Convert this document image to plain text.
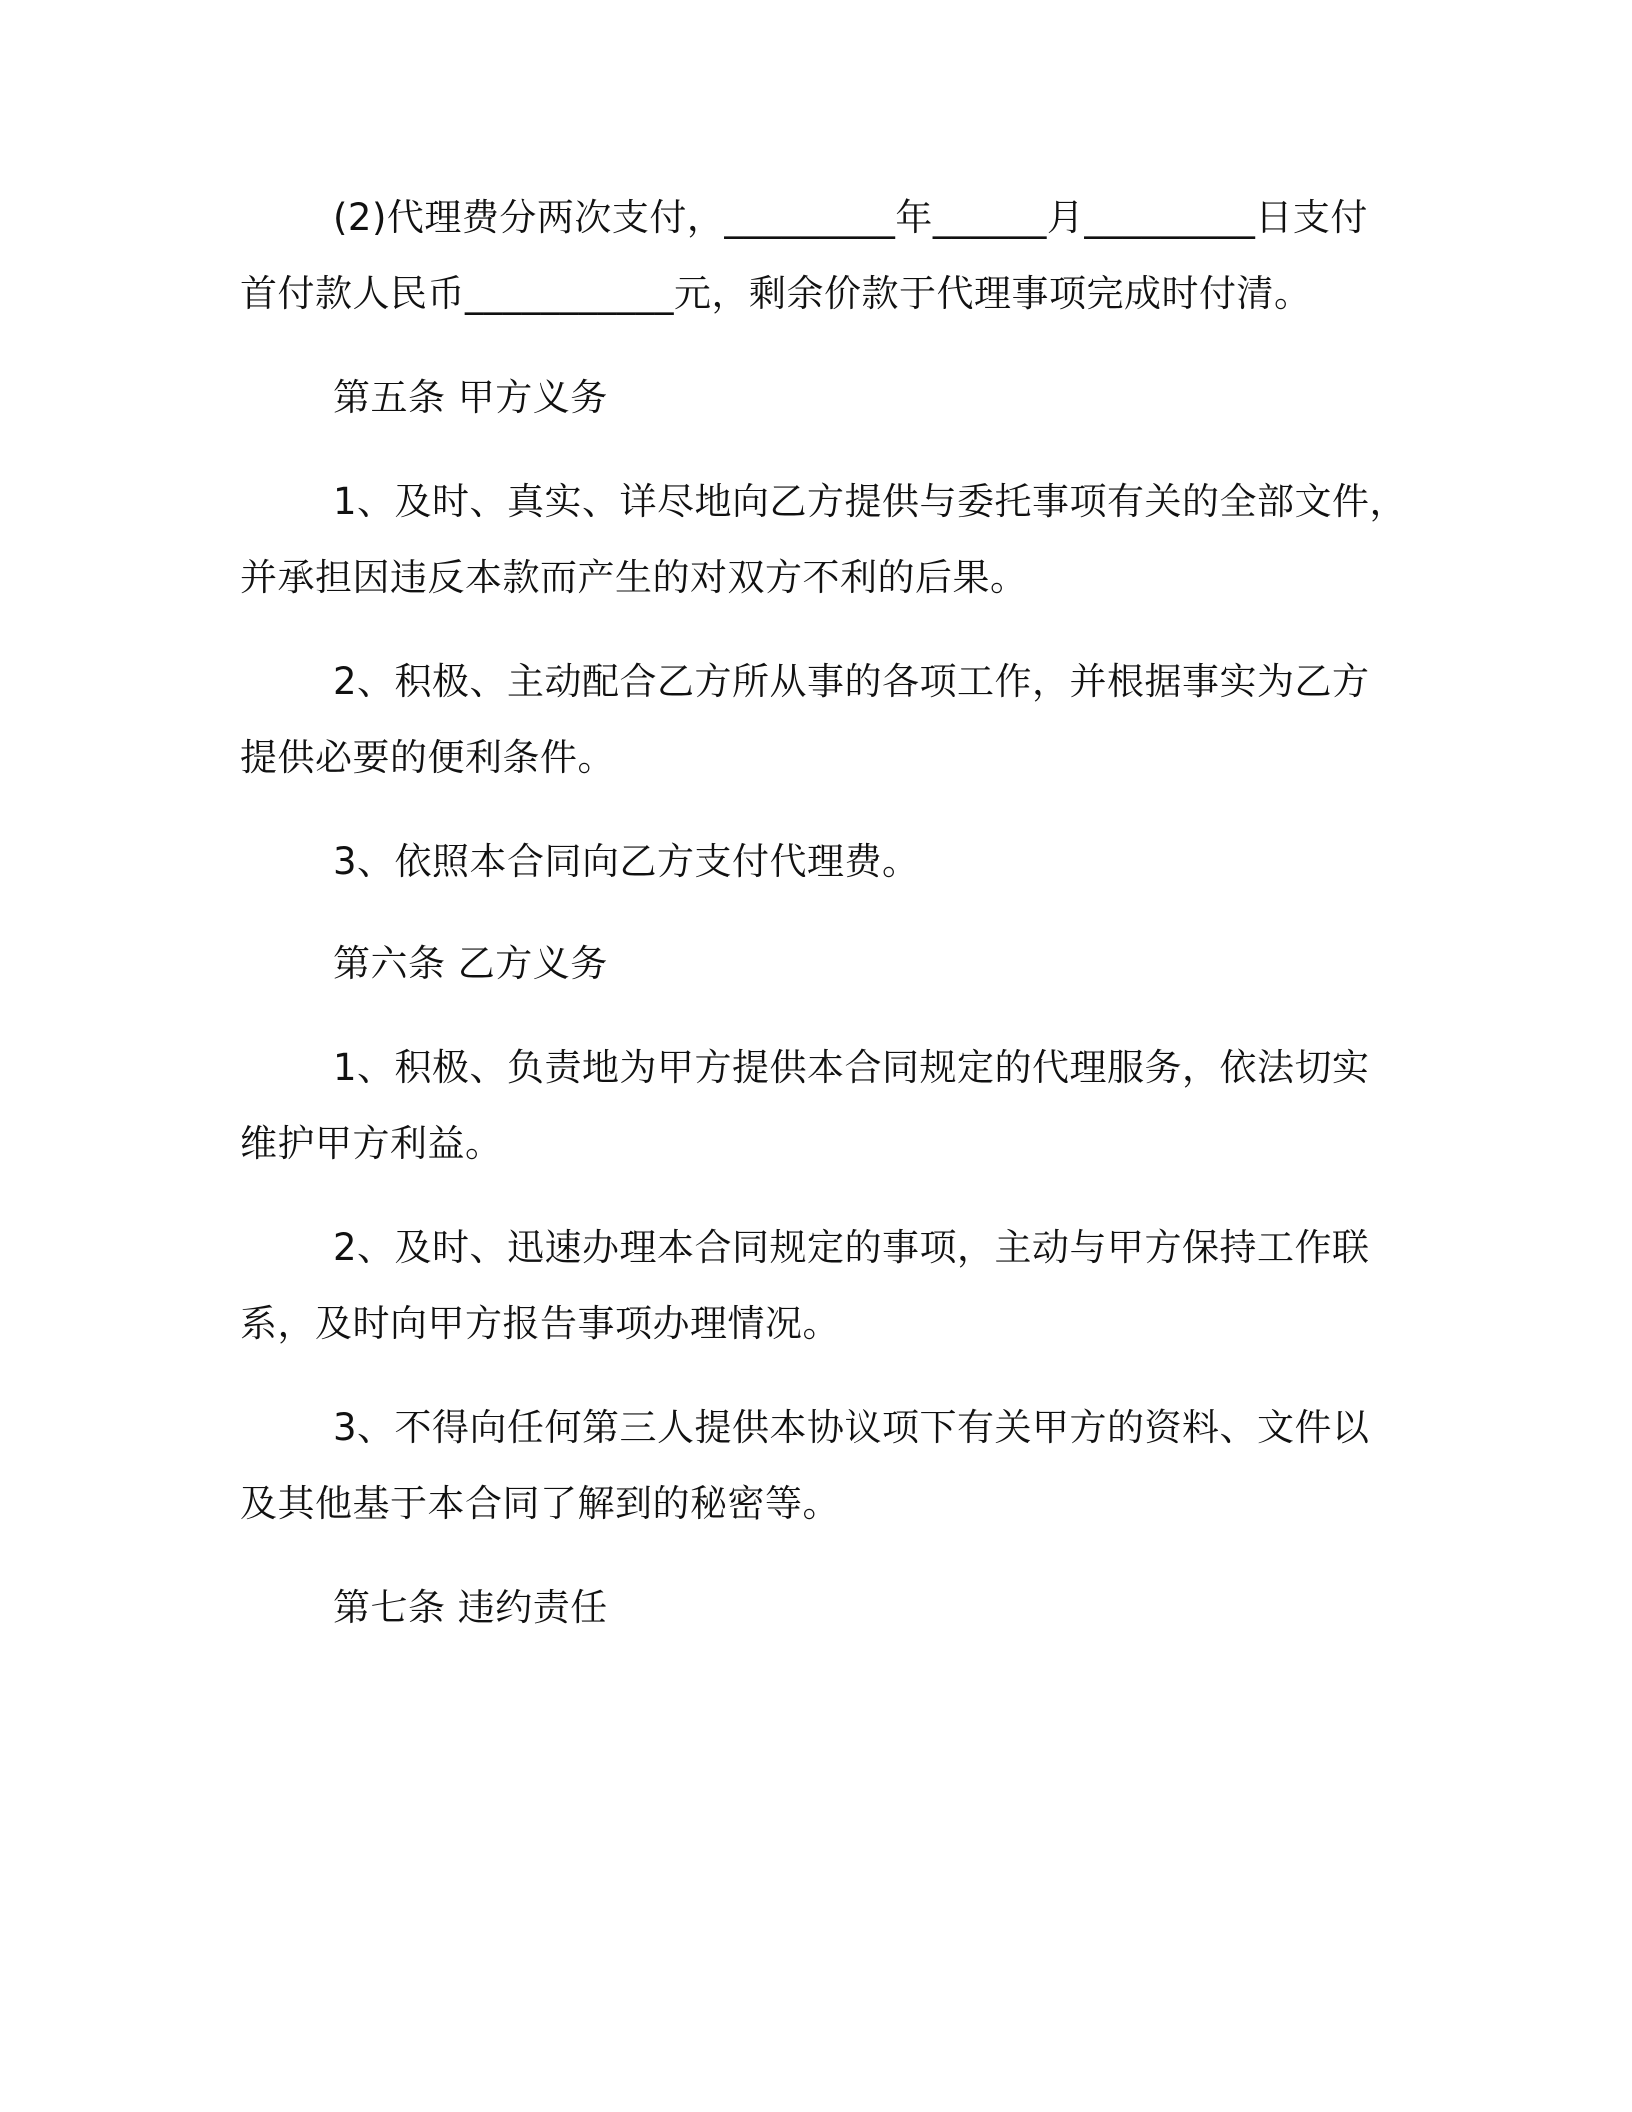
(2)代理费分两次支付，_________年______月_________日支付
首付款人民币___________元，剩余价款于代理事项完成时付清。
第五条 甲方义务
1、及时、真实、详尽地向乙方提供与委托事项有关的全部文件，
并承担因违反本款而产生的对双方不利的后果。
2、积极、主动配合乙方所从事的各项工作，并根据事实为乙方
提供必要的便利条件。
3、依照本合同向乙方支付代理费。
第六条 乙方义务
1、积极、负责地为甲方提供本合同规定的代理服务，依法切实
维护甲方利益。
2、及时、迅速办理本合同规定的事项，主动与甲方保持工作联
系，及时向甲方报告事项办理情况。
3、不得向任何第三人提供本协议项下有关甲方的资料、文件以
及其他基于本合同了解到的秘密等。
第七条 违约责任
